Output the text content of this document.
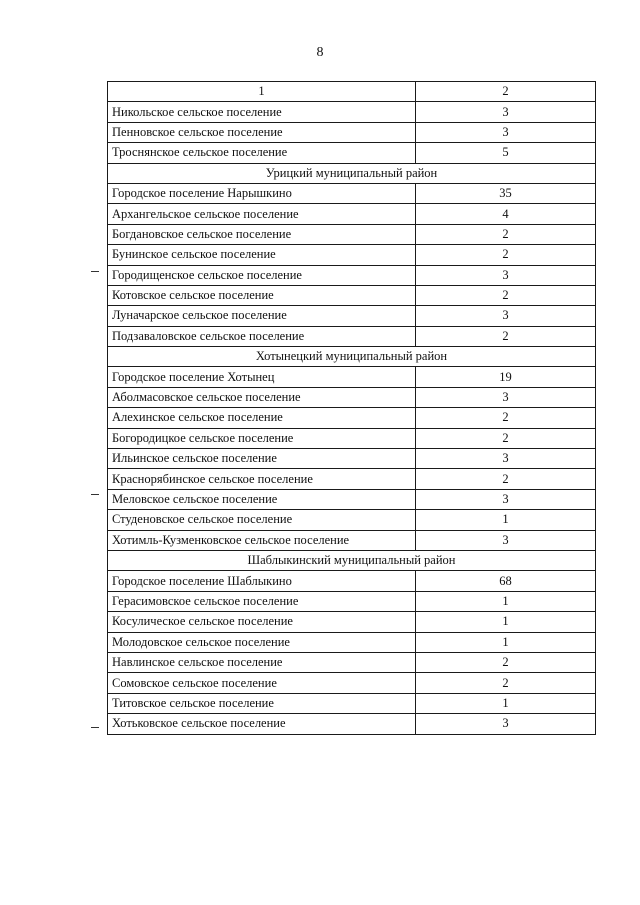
8
1	2
Никольское сельское поселение	3
Пенновское сельское поселение	3
Троснянское сельское поселение	5
Урицкий муниципальный район	
Городское поселение Нарышкино	35
Архангельское сельское поселение	4
Богдановское сельское поселение	2
Бунинское сельское поселение	2
Городищенское сельское поселение	3
Котовское сельское поселение	2
Луначарское сельское поселение	3
Подзаваловское сельское поселение	2
Хотынецкий муниципальный район	
Городское поселение Хотынец	19
Аболмасовское сельское поселение	3
Алехинское сельское поселение	2
Богородицкое сельское поселение	2
Ильинское сельское поселение	3
Краснорябинское сельское поселение	2
Меловское сельское поселение	3
Студеновское сельское поселение	1
Хотимль-Кузменковское сельское поселение	3
Шаблыкинский муниципальный район	
Городское поселение Шаблыкино	68
Герасимовское сельское поселение	1
Косулическое сельское поселение	1
Молодовское сельское поселение	1
Навлинское сельское поселение	2
Сомовское сельское поселение	2
Титовское сельское поселение	1
Хотьковское сельское поселение	3
